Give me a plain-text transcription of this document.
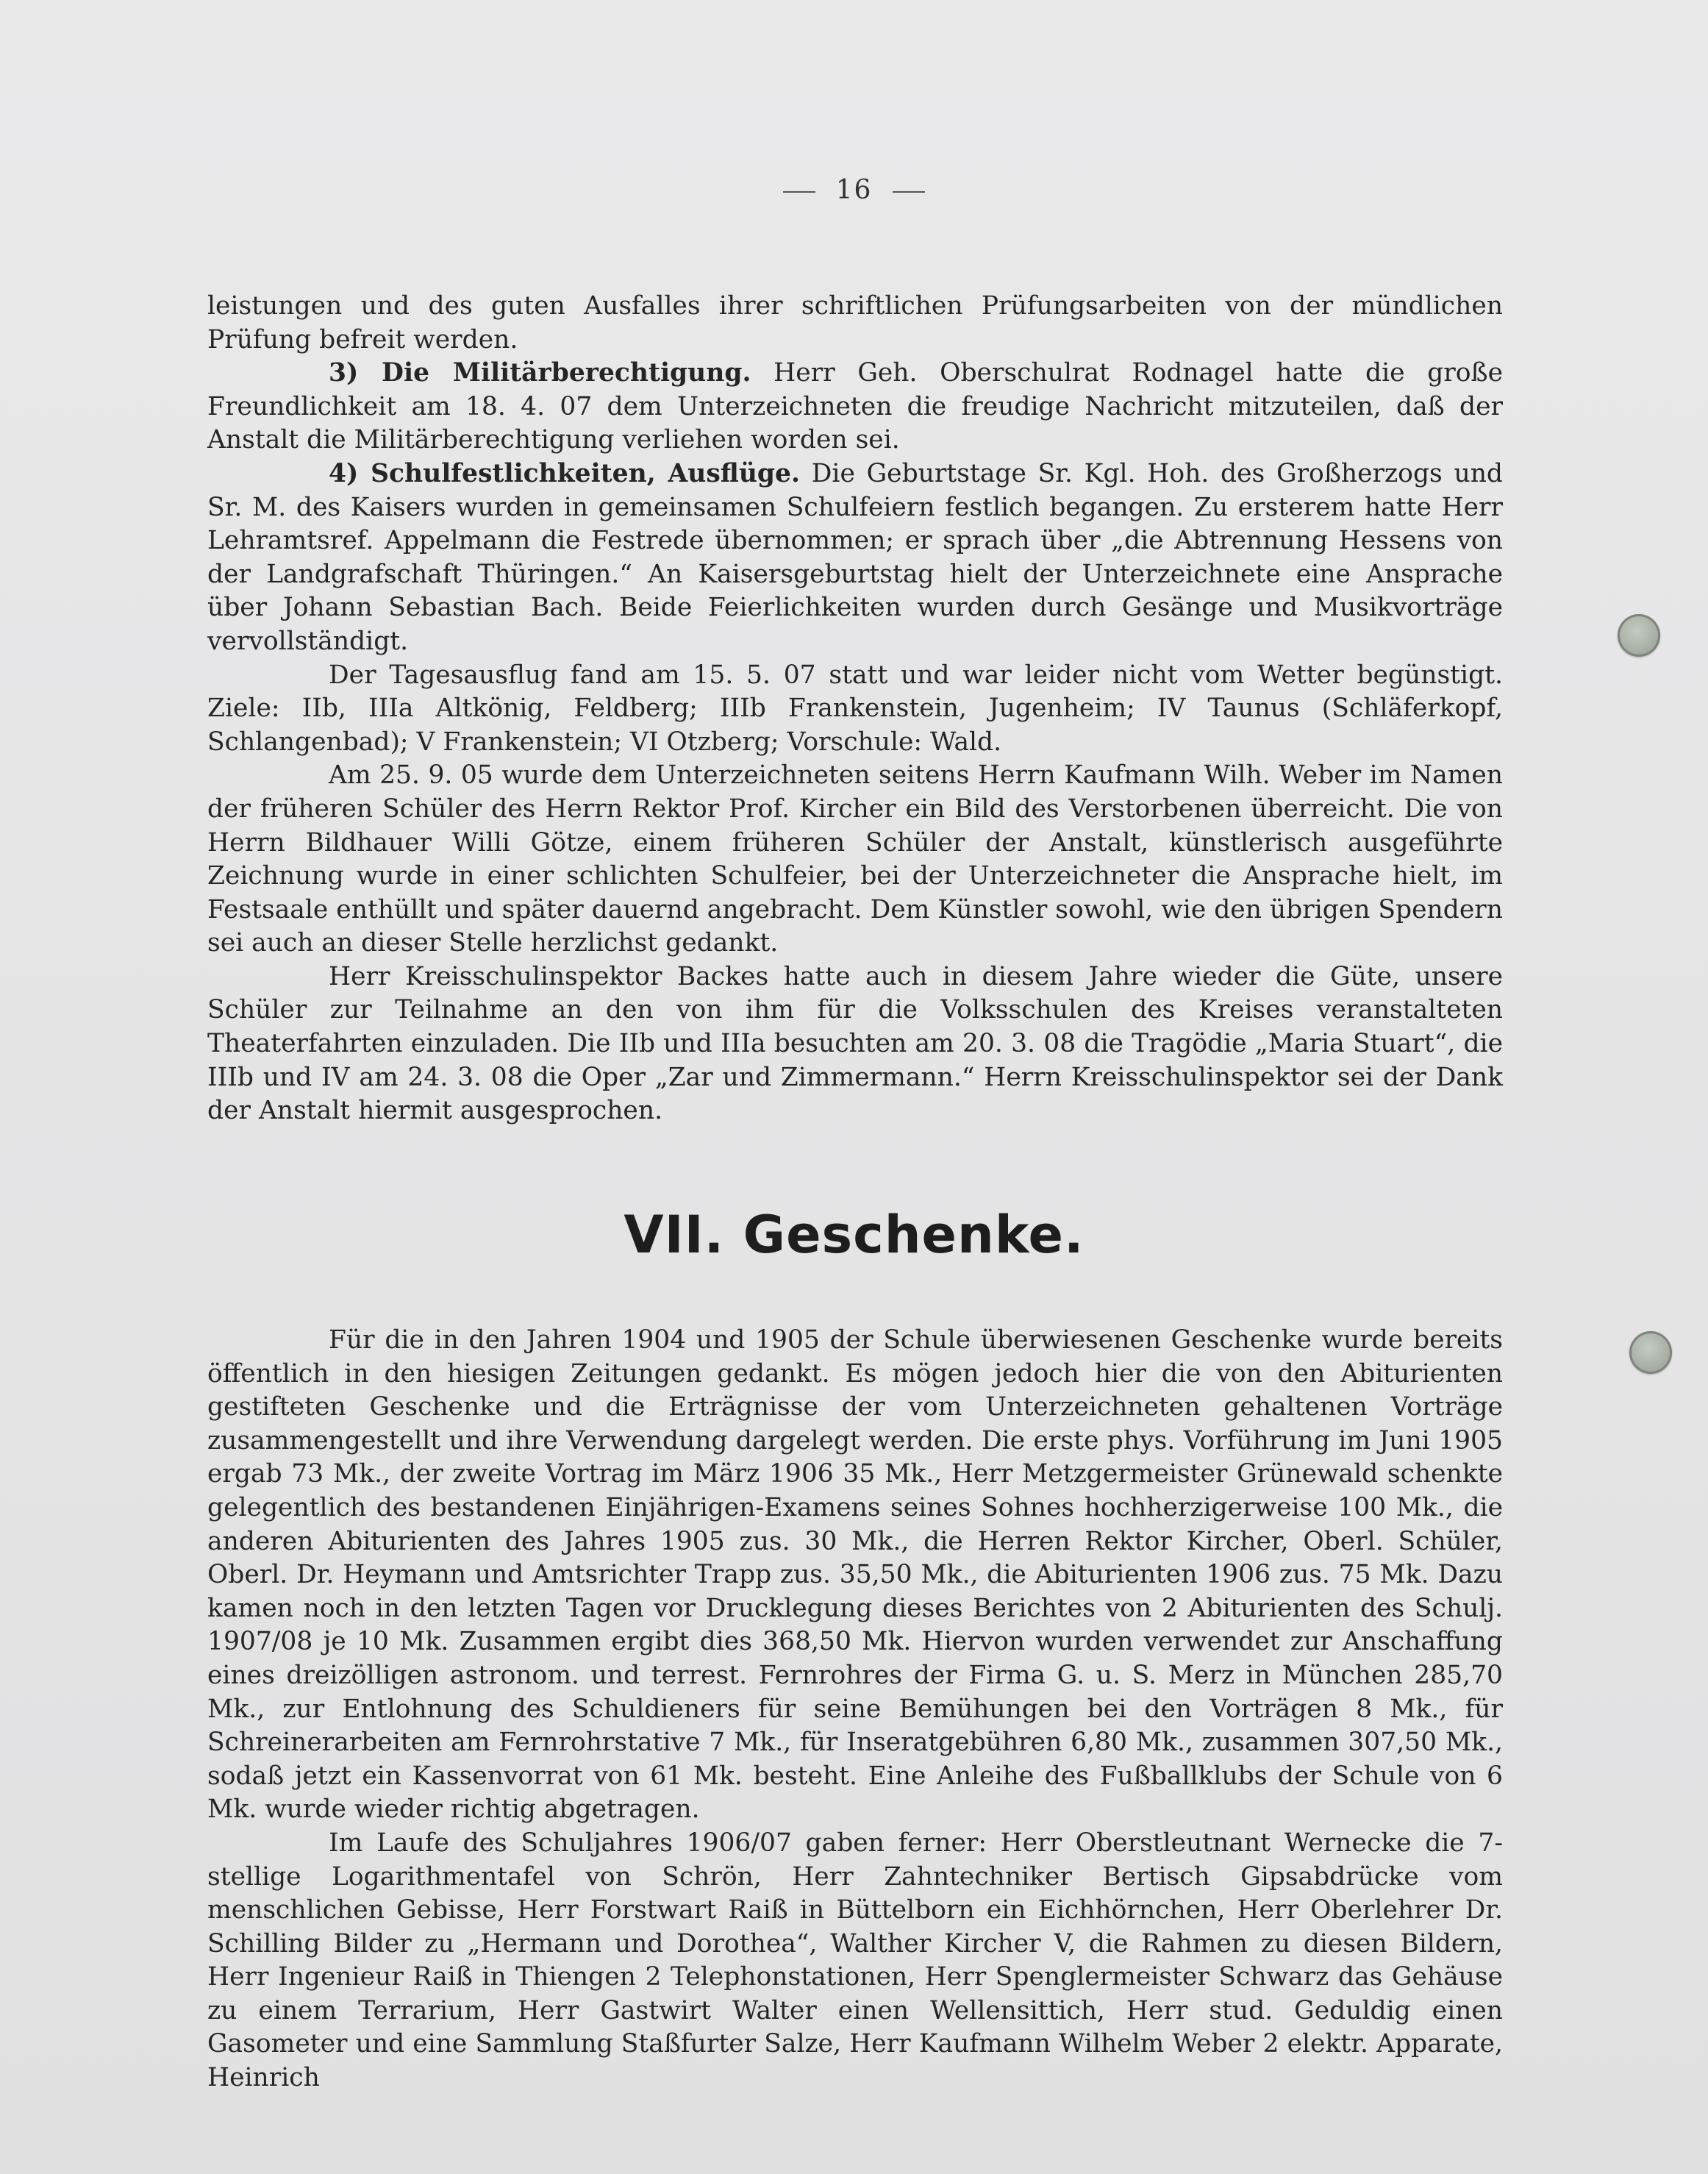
16

leistungen und des guten Ausfalles ihrer schriftlichen Prüfungsarbeiten von der mündlichen Prüfung befreit werden.

3) Die Militärberechtigung. Herr Geh. Oberschulrat Rodnagel hatte die große Freundlichkeit am 18. 4. 07 dem Unterzeichneten die freudige Nachricht mitzuteilen, daß der Anstalt die Militärberechtigung verliehen worden sei.

4) Schulfestlichkeiten, Ausflüge. Die Geburtstage Sr. Kgl. Hoh. des Großherzogs und Sr. M. des Kaisers wurden in gemeinsamen Schulfeiern festlich begangen. Zu ersterem hatte Herr Lehramtsref. Appelmann die Festrede übernommen; er sprach über „die Abtrennung Hessens von der Landgrafschaft Thüringen.“ An Kaisersgeburtstag hielt der Unterzeichnete eine Ansprache über Johann Sebastian Bach. Beide Feierlichkeiten wurden durch Gesänge und Musikvorträge vervollständigt.

Der Tagesausflug fand am 15. 5. 07 statt und war leider nicht vom Wetter begünstigt. Ziele: IIb, IIIa Altkönig, Feldberg; IIIb Frankenstein, Jugenheim; IV Taunus (Schläferkopf, Schlangenbad); V Frankenstein; VI Otzberg; Vorschule: Wald.

Am 25. 9. 05 wurde dem Unterzeichneten seitens Herrn Kaufmann Wilh. Weber im Namen der früheren Schüler des Herrn Rektor Prof. Kircher ein Bild des Verstorbenen überreicht. Die von Herrn Bildhauer Willi Götze, einem früheren Schüler der Anstalt, künstlerisch ausgeführte Zeichnung wurde in einer schlichten Schulfeier, bei der Unterzeichneter die Ansprache hielt, im Festsaale enthüllt und später dauernd angebracht. Dem Künstler sowohl, wie den übrigen Spendern sei auch an dieser Stelle herzlichst gedankt.

Herr Kreisschulinspektor Backes hatte auch in diesem Jahre wieder die Güte, unsere Schüler zur Teilnahme an den von ihm für die Volksschulen des Kreises veranstalteten Theaterfahrten einzuladen. Die IIb und IIIa besuchten am 20. 3. 08 die Tragödie „Maria Stuart“, die IIIb und IV am 24. 3. 08 die Oper „Zar und Zimmermann.“ Herrn Kreisschulinspektor sei der Dank der Anstalt hiermit ausgesprochen.

VII. Geschenke.

Für die in den Jahren 1904 und 1905 der Schule überwiesenen Geschenke wurde bereits öffentlich in den hiesigen Zeitungen gedankt. Es mögen jedoch hier die von den Abiturienten gestifteten Geschenke und die Erträgnisse der vom Unterzeichneten gehaltenen Vorträge zusammengestellt und ihre Verwendung dargelegt werden. Die erste phys. Vorführung im Juni 1905 ergab 73 Mk., der zweite Vortrag im März 1906 35 Mk., Herr Metzgermeister Grünewald schenkte gelegentlich des bestandenen Einjährigen-Examens seines Sohnes hochherzigerweise 100 Mk., die anderen Abiturienten des Jahres 1905 zus. 30 Mk., die Herren Rektor Kircher, Oberl. Schüler, Oberl. Dr. Heymann und Amtsrichter Trapp zus. 35,50 Mk., die Abiturienten 1906 zus. 75 Mk. Dazu kamen noch in den letzten Tagen vor Drucklegung dieses Berichtes von 2 Abiturienten des Schulj. 1907/08 je 10 Mk. Zusammen ergibt dies 368,50 Mk. Hiervon wurden verwendet zur Anschaffung eines dreizölligen astronom. und terrest. Fernrohres der Firma G. u. S. Merz in München 285,70 Mk., zur Entlohnung des Schuldieners für seine Bemühungen bei den Vorträgen 8 Mk., für Schreinerarbeiten am Fernrohrstative 7 Mk., für Inseratgebühren 6,80 Mk., zusammen 307,50 Mk., sodaß jetzt ein Kassenvorrat von 61 Mk. besteht. Eine Anleihe des Fußballklubs der Schule von 6 Mk. wurde wieder richtig abgetragen.

Im Laufe des Schuljahres 1906/07 gaben ferner: Herr Oberstleutnant Wernecke die 7-stellige Logarithmentafel von Schrön, Herr Zahntechniker Bertisch Gipsabdrücke vom menschlichen Gebisse, Herr Forstwart Raiß in Büttelborn ein Eichhörnchen, Herr Oberlehrer Dr. Schilling Bilder zu „Hermann und Dorothea“, Walther Kircher V, die Rahmen zu diesen Bildern, Herr Ingenieur Raiß in Thiengen 2 Telephonstationen, Herr Spenglermeister Schwarz das Gehäuse zu einem Terrarium, Herr Gastwirt Walter einen Wellensittich, Herr stud. Geduldig einen Gasometer und eine Sammlung Staßfurter Salze, Herr Kaufmann Wilhelm Weber 2 elektr. Apparate, Heinrich
